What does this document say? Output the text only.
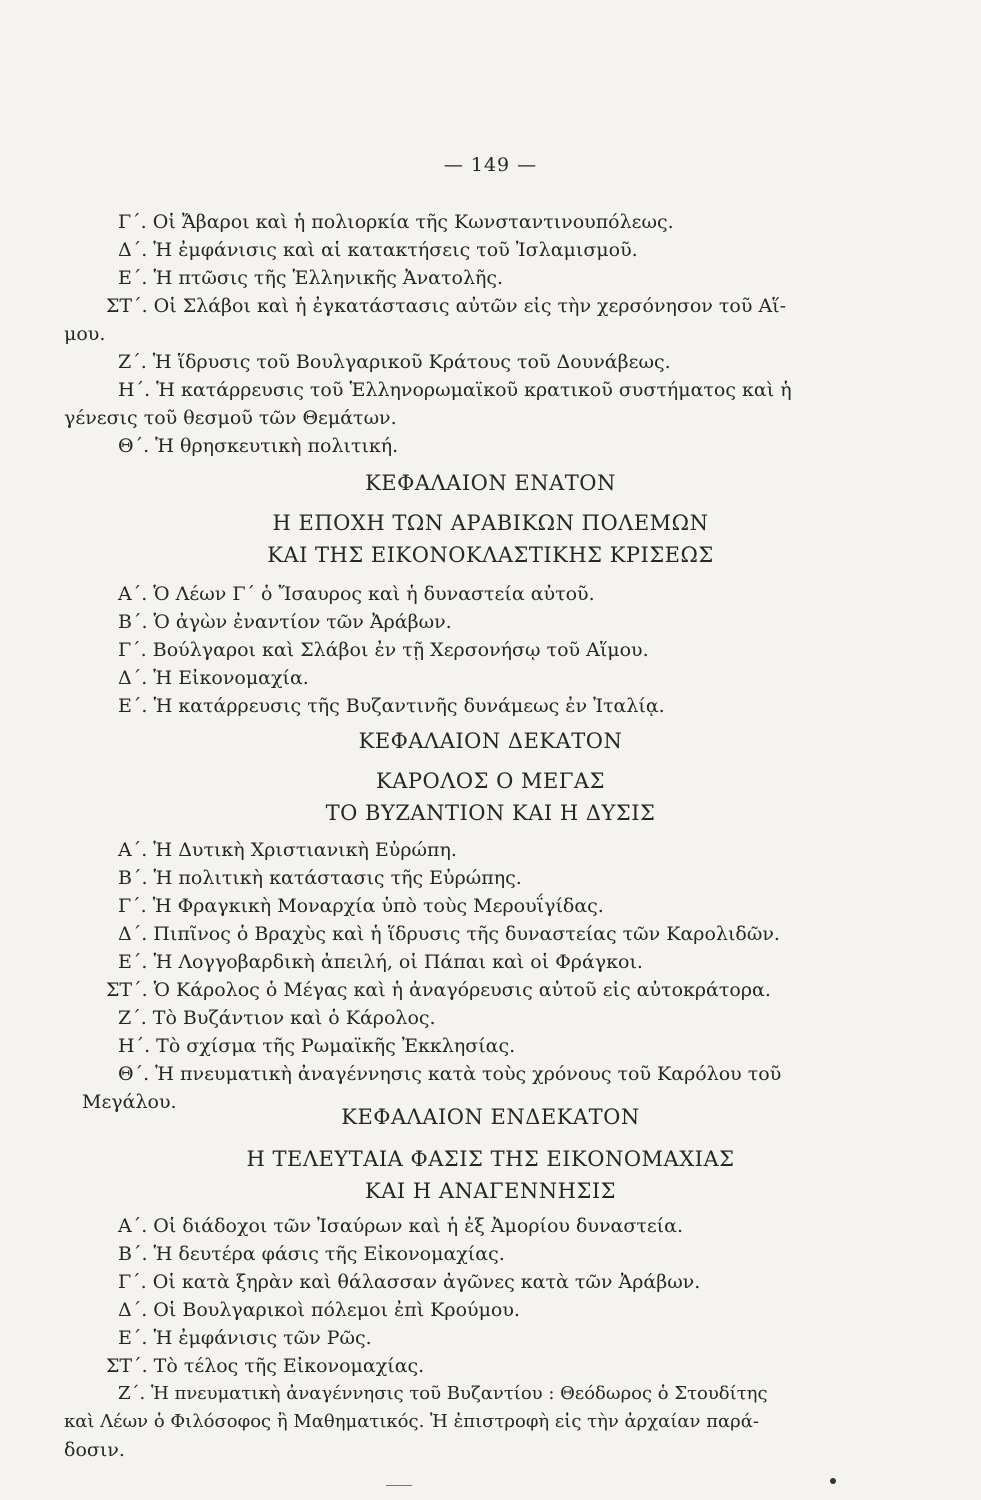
— 149 —
Γ΄. Οἱ Ἄβαροι καὶ ἡ πολιορκία τῆς Κωνσταντινουπόλεως.
Δ΄. Ἡ ἐμφάνισις καὶ αἱ κατακτήσεις τοῦ Ἰσλαμισμοῦ.
Ε΄. Ἡ πτῶσις τῆς Ἑλληνικῆς Ἀνατολῆς.
ΣΤ΄. Οἱ Σλάβοι καὶ ἡ ἐγκατάστασις αὐτῶν εἰς τὴν χερσόνησον τοῦ Αἵ-
μου.
Ζ΄. Ἡ ἵδρυσις τοῦ Βουλγαρικοῦ Κράτους τοῦ Δουνάβεως.
Η΄. Ἡ κατάρρευσις τοῦ Ἑλληνορωμαϊκοῦ κρατικοῦ συστήματος καὶ ἡ
γένεσις τοῦ θεσμοῦ τῶν Θεμάτων.
Θ΄. Ἡ θρησκευτικὴ πολιτική.
ΚΕΦΑΛΑΙΟΝ ΕΝΑΤΟΝ
Η ΕΠΟΧΗ ΤΩΝ ΑΡΑΒΙΚΩΝ ΠΟΛΕΜΩΝ
ΚΑΙ ΤΗΣ ΕΙΚΟΝΟΚΛΑΣΤΙΚΗΣ ΚΡΙΣΕΩΣ
Α΄. Ὁ Λέων Γ΄ ὁ Ἴσαυρος καὶ ἡ δυναστεία αὐτοῦ.
Β΄. Ὁ ἀγὼν ἐναντίον τῶν Ἀράβων.
Γ΄. Βούλγαροι καὶ Σλάβοι ἐν τῇ Χερσονήσῳ τοῦ Αἵμου.
Δ΄. Ἡ Εἰκονομαχία.
Ε΄. Ἡ κατάρρευσις τῆς Βυζαντινῆς δυνάμεως ἐν Ἰταλίᾳ.
ΚΕΦΑΛΑΙΟΝ ΔΕΚΑΤΟΝ
ΚΑΡΟΛΟΣ Ο ΜΕΓΑΣ
ΤΟ ΒΥΖΑΝΤΙΟΝ ΚΑΙ Η ΔΥΣΙΣ
Α΄. Ἡ Δυτικὴ Χριστιανικὴ Εὐρώπη.
Β΄. Ἡ πολιτικὴ κατάστασις τῆς Εὐρώπης.
Γ΄. Ἡ Φραγκικὴ Μοναρχία ὑπὸ τοὺς Μερουΐγίδας.
Δ΄. Πιπῖνος ὁ Βραχὺς καὶ ἡ ἵδρυσις τῆς δυναστείας τῶν Καρολιδῶν.
Ε΄. Ἡ Λογγοβαρδικὴ ἀπειλή, οἱ Πάπαι καὶ οἱ Φράγκοι.
ΣΤ΄. Ὁ Κάρολος ὁ Μέγας καὶ ἡ ἀναγόρευσις αὐτοῦ εἰς αὐτοκράτορα.
Ζ΄. Τὸ Βυζάντιον καὶ ὁ Κάρολος.
Η΄. Τὸ σχίσμα τῆς Ρωμαϊκῆς Ἐκκλησίας.
Θ΄. Ἡ πνευματικὴ ἀναγέννησις κατὰ τοὺς χρόνους τοῦ Καρόλου τοῦ
Μεγάλου.
ΚΕΦΑΛΑΙΟΝ ΕΝΔΕΚΑΤΟΝ
Η ΤΕΛΕΥΤΑΙΑ ΦΑΣΙΣ ΤΗΣ ΕΙΚΟΝΟΜΑΧΙΑΣ
ΚΑΙ Η ΑΝΑΓΕΝΝΗΣΙΣ
Α΄. Οἱ διάδοχοι τῶν Ἰσαύρων καὶ ἡ ἐξ Ἀμορίου δυναστεία.
Β΄. Ἡ δευτέρα φάσις τῆς Εἰκονομαχίας.
Γ΄. Οἱ κατὰ ξηρὰν καὶ θάλασσαν ἀγῶνες κατὰ τῶν Ἀράβων.
Δ΄. Οἱ Βουλγαρικοὶ πόλεμοι ἐπὶ Κρούμου.
Ε΄. Ἡ ἐμφάνισις τῶν Ρῶς.
ΣΤ΄. Τὸ τέλος τῆς Εἰκονομαχίας.
Ζ΄. Ἡ πνευματικὴ ἀναγέννησις τοῦ Βυζαντίου : Θεόδωρος ὁ Στουδίτης
καὶ Λέων ὁ Φιλόσοφος ἢ Μαθηματικός. Ἡ ἐπιστροφὴ εἰς τὴν ἀρχαίαν παρά-
δοσιν.
